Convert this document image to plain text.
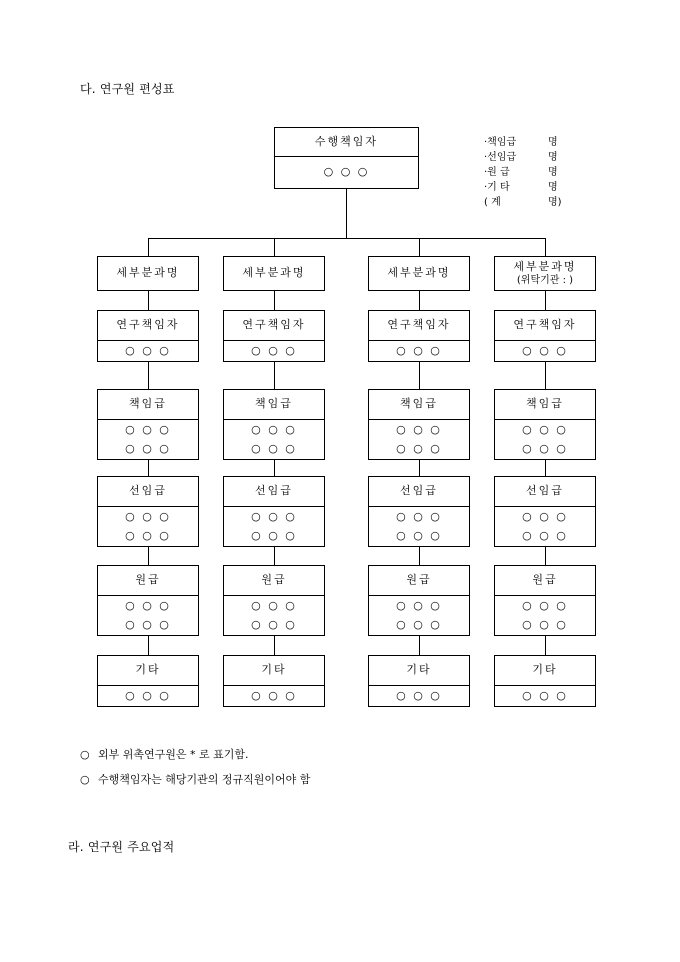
다. 연구원 편성표
수행책임자
○ ○ ○
·책임급	명
·선임급	명
·원 급	명
·기 타	명
( 계	명)
세부분과명
연구책임자
○ ○ ○
책임급
○ ○ ○
○ ○ ○
선임급
○ ○ ○
○ ○ ○
원급
○ ○ ○
○ ○ ○
기타
○ ○ ○
세부분과명
연구책임자
○ ○ ○
책임급
○ ○ ○
○ ○ ○
선임급
○ ○ ○
○ ○ ○
원급
○ ○ ○
○ ○ ○
기타
○ ○ ○
세부분과명
연구책임자
○ ○ ○
책임급
○ ○ ○
○ ○ ○
선임급
○ ○ ○
○ ○ ○
원급
○ ○ ○
○ ○ ○
기타
○ ○ ○
세부분과명
(위탁기관 : )
연구책임자
○ ○ ○
책임급
○ ○ ○
○ ○ ○
선임급
○ ○ ○
○ ○ ○
원급
○ ○ ○
○ ○ ○
기타
○ ○ ○
○ 외부 위촉연구원은 * 로 표기함.
○ 수행책임자는 해당기관의 정규직원이어야 함
라. 연구원 주요업적
